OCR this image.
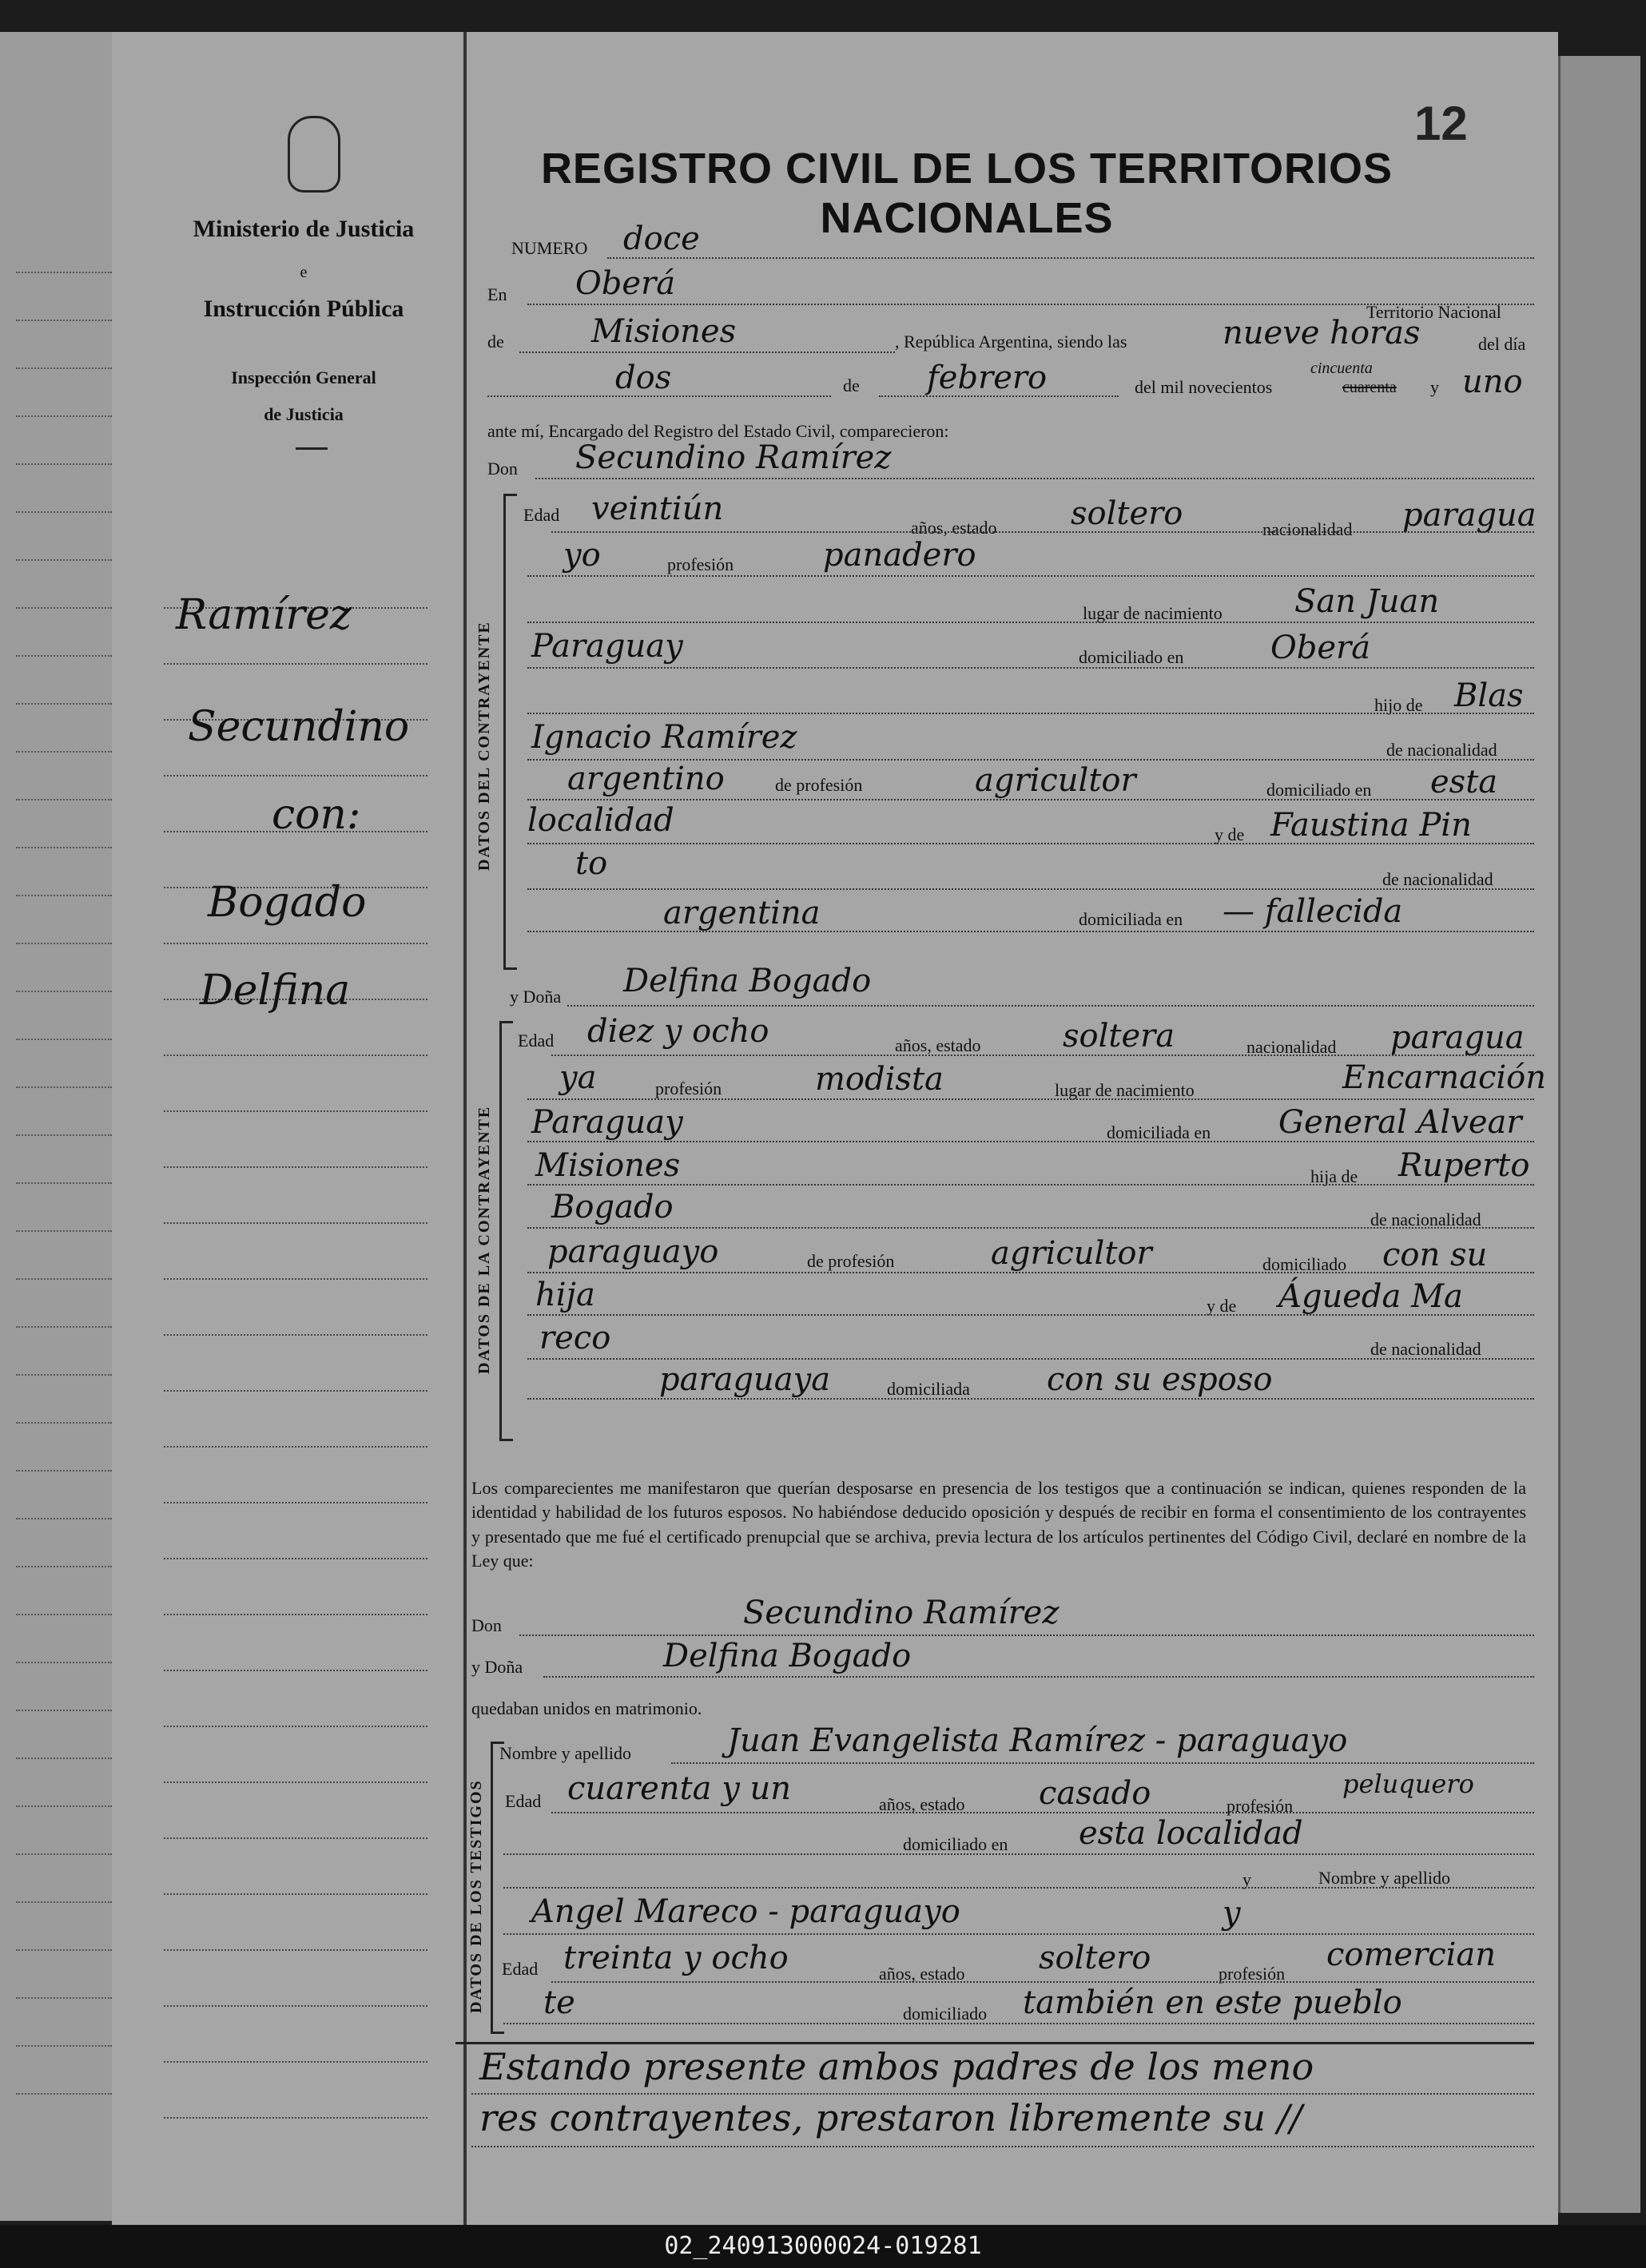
Ministerio de Justicia
e
Instrucción Pública
Inspección General
de Justicia
Ramírez
Secundino
con:
Bogado
Delfina
12
REGISTRO CIVIL DE LOS TERRITORIOS NACIONALES
NUMERO doce
En Oberá
Territorio Nacional
de	Misiones	, República Argentina, siendo las	nueve horas	del día
dos	de febrero	del mil novecientos
cincuenta
cuarenta y uno
ante mí, Encargado del Registro del Estado Civil, comparecieron:
Don Secundino Ramírez
DATOS DEL CONTRAYENTE
Edad veintiún
años, estado soltero	nacionalidad paragua
yo	profesión	panadero
lugar de nacimiento San Juan
Paraguay	domiciliado en	Oberá
hijo de Blas
Ignacio Ramírez	de nacionalidad
argentino	de profesión	agricultor	domiciliado en esta
localidad	y de Faustina Pin
to	de nacionalidad
argentina	domiciliada en — fallecida
y Doña Delfina Bogado
DATOS DE LA CONTRAYENTE
Edad diez y ocho	años, estado	soltera	nacionalidad paragua
ya	profesión	modista	lugar de nacimiento	Encarnación
Paraguay	domiciliada en General Alvear
Misiones	hija de Ruperto
Bogado	de nacionalidad
paraguayo	de profesión	agricultor	domiciliado con su
hija	y de Águeda Ma
reco	de nacionalidad
paraguaya	domiciliada con su esposo
Los comparecientes me manifestaron que querían desposarse en presencia de los testigos que a continuación se indican, quienes responden de la identidad y habilidad de los futuros esposos. No habiéndose deducido oposición y después de recibir en forma el consentimiento de los contrayentes y presentado que me fué el certificado prenupcial que se archiva, previa lectura de los artículos pertinentes del Código Civil, declaré en nombre de la Ley que:
Don	Secundino Ramírez
y Doña	Delfina Bogado
quedaban unidos en matrimonio.
DATOS DE LOS TESTIGOS
Nombre y apellido	Juan Evangelista Ramírez - paraguayo
Edad cuarenta y un	años, estado casado	profesión
peluquero
domiciliado en esta localidad
y	Nombre y apellido
Angel Mareco - paraguayo	y
Edad treinta y ocho	años, estado soltero	profesión
comercian
te	domiciliado también en este pueblo
Estando presente ambos padres de los meno
res contrayentes, prestaron libremente su //
02_240913000024-019281
